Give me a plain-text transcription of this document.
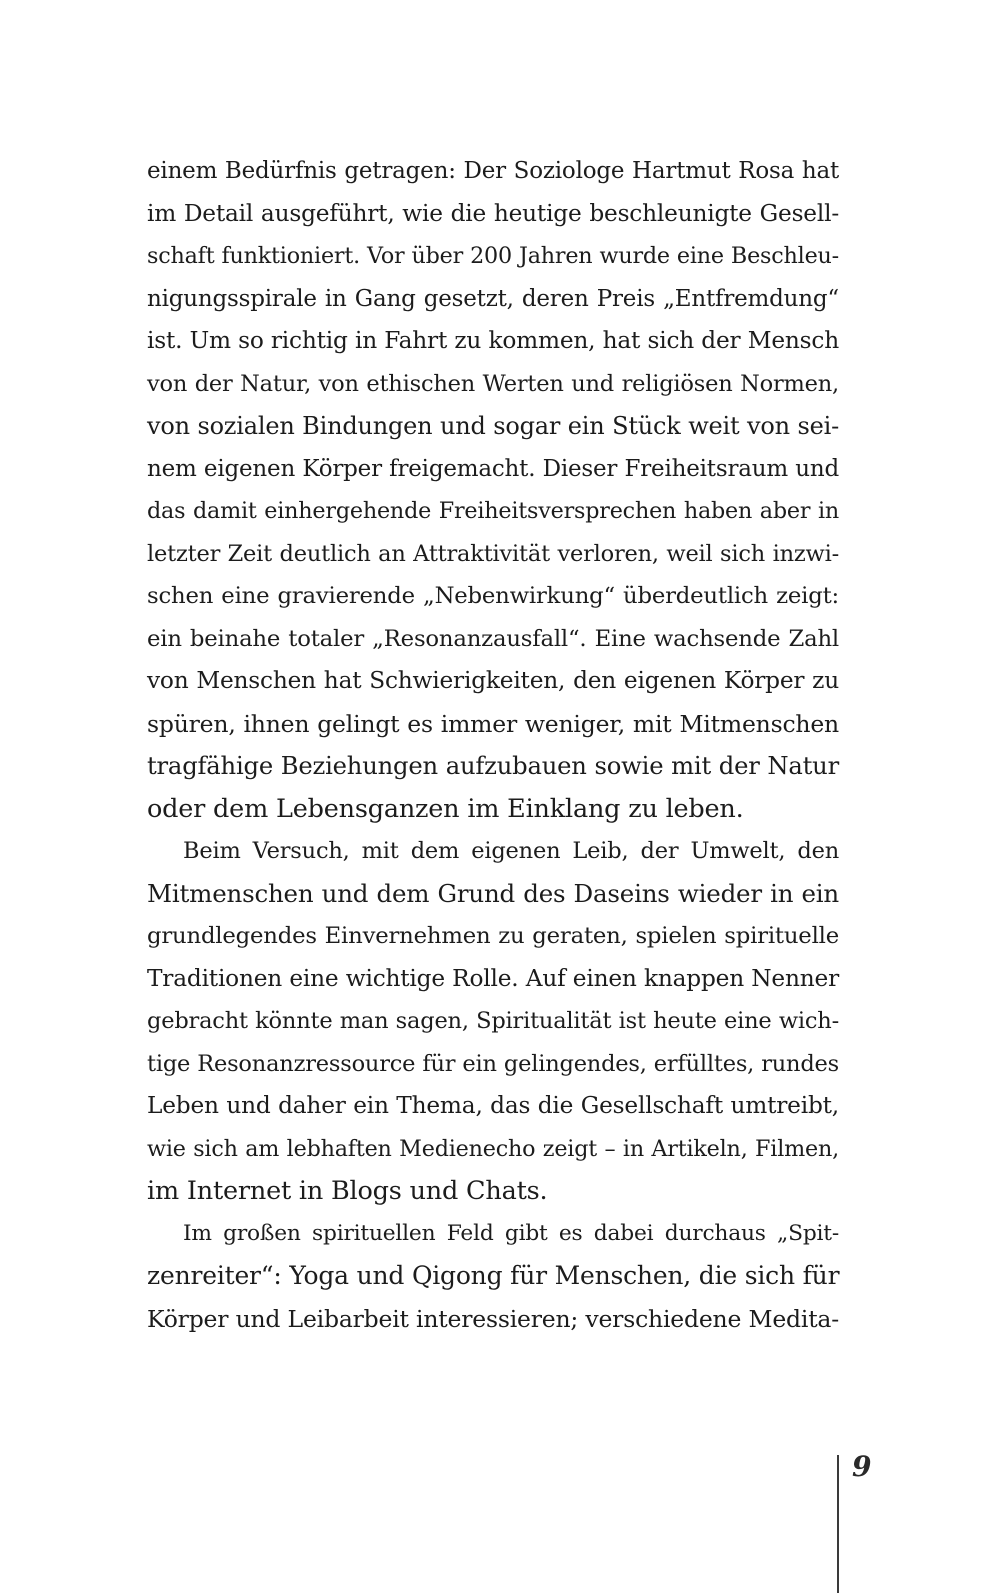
einem Bedürfnis getragen: Der Soziologe Hartmut Rosa hat
im Detail ausgeführt, wie die heutige beschleunigte Gesell-
schaft funktioniert. Vor über 200 Jahren wurde eine Beschleu-
nigungsspirale in Gang gesetzt, deren Preis „Entfremdung“
ist. Um so richtig in Fahrt zu kommen, hat sich der Mensch
von der Natur, von ethischen Werten und religiösen Normen,
von sozialen Bindungen und sogar ein Stück weit von sei-
nem eigenen Körper freigemacht. Dieser Freiheitsraum und
das damit einhergehende Freiheitsversprechen haben aber in
letzter Zeit deutlich an Attraktivität verloren, weil sich inzwi-
schen eine gravierende „Nebenwirkung“ überdeutlich zeigt:
ein beinahe totaler „Resonanzausfall“. Eine wachsende Zahl
von Menschen hat Schwierigkeiten, den eigenen Körper zu
spüren, ihnen gelingt es immer weniger, mit Mitmenschen
tragfähige Beziehungen aufzubauen sowie mit der Natur
oder dem Lebensganzen im Einklang zu leben.
Beim Versuch, mit dem eigenen Leib, der Umwelt, den
Mitmenschen und dem Grund des Daseins wieder in ein
grundlegendes Einvernehmen zu geraten, spielen spirituelle
Traditionen eine wichtige Rolle. Auf einen knappen Nenner
gebracht könnte man sagen, Spiritualität ist heute eine wich-
tige Resonanzressource für ein gelingendes, erfülltes, rundes
Leben und daher ein Thema, das die Gesellschaft umtreibt,
wie sich am lebhaften Medienecho zeigt – in Artikeln, Filmen,
im Internet in Blogs und Chats.
Im großen spirituellen Feld gibt es dabei durchaus „Spit-
zenreiter“: Yoga und Qigong für Menschen, die sich für
Körper und Leibarbeit interessieren; verschiedene Medita-
9
